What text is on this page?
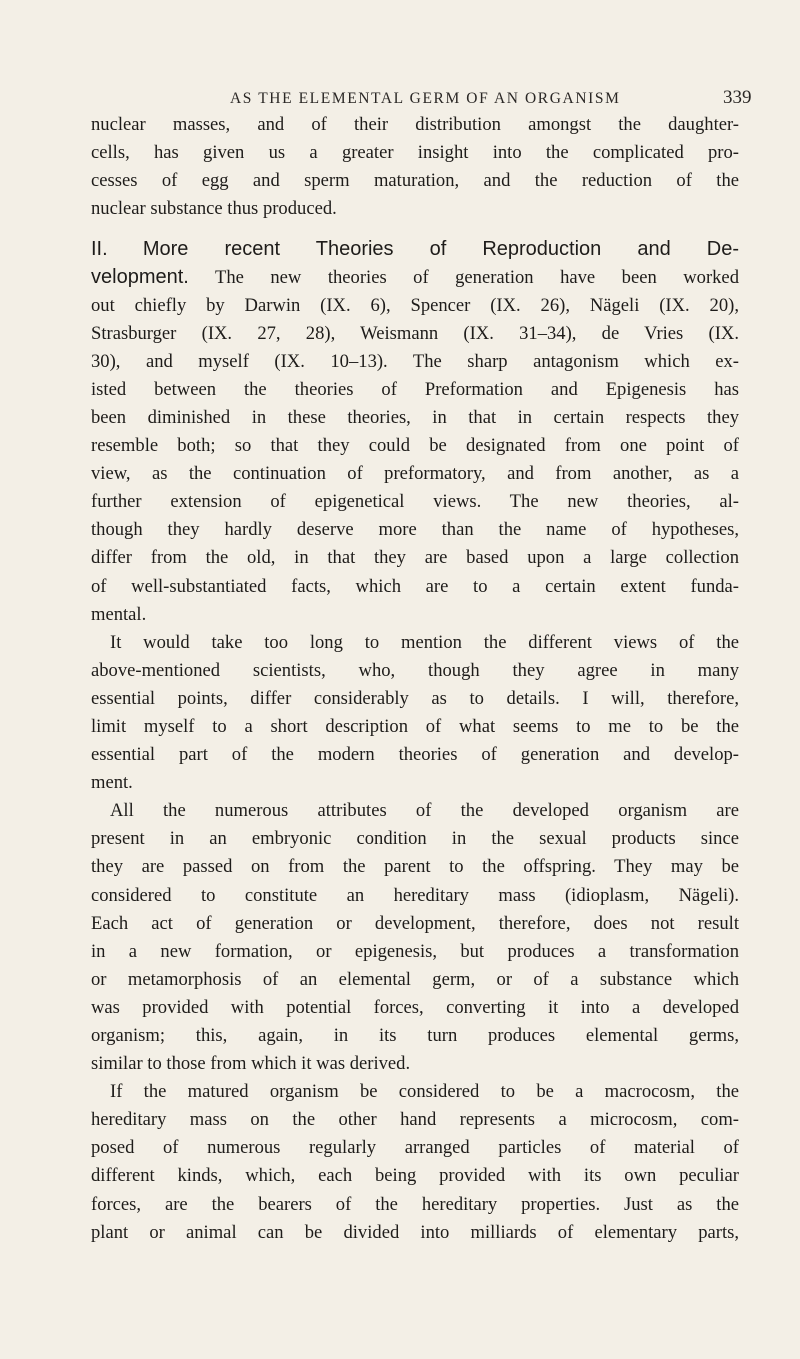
AS THE ELEMENTAL GERM OF AN ORGANISM	339
nuclear masses, and of their distribution amongst the daughter-
cells, has given us a greater insight into the complicated pro-
cesses of egg and sperm maturation, and the reduction of the
nuclear substance thus produced.
II. More recent Theories of Reproduction and De-
velopment. The new theories of generation have been worked
out chiefly by Darwin (IX. 6), Spencer (IX. 26), Nägeli (IX. 20),
Strasburger (IX. 27, 28), Weismann (IX. 31–34), de Vries (IX.
30), and myself (IX. 10–13). The sharp antagonism which ex-
isted between the theories of Preformation and Epigenesis has
been diminished in these theories, in that in certain respects they
resemble both; so that they could be designated from one point of
view, as the continuation of preformatory, and from another, as a
further extension of epigenetical views. The new theories, al-
though they hardly deserve more than the name of hypotheses,
differ from the old, in that they are based upon a large collection
of well-substantiated facts, which are to a certain extent funda-
mental.
It would take too long to mention the different views of the
above-mentioned scientists, who, though they agree in many
essential points, differ considerably as to details. I will, therefore,
limit myself to a short description of what seems to me to be the
essential part of the modern theories of generation and develop-
ment.
All the numerous attributes of the developed organism are
present in an embryonic condition in the sexual products since
they are passed on from the parent to the offspring. They may be
considered to constitute an hereditary mass (idioplasm, Nägeli).
Each act of generation or development, therefore, does not result
in a new formation, or epigenesis, but produces a transformation
or metamorphosis of an elemental germ, or of a substance which
was provided with potential forces, converting it into a developed
organism; this, again, in its turn produces elemental germs,
similar to those from which it was derived.
If the matured organism be considered to be a macrocosm, the
hereditary mass on the other hand represents a microcosm, com-
posed of numerous regularly arranged particles of material of
different kinds, which, each being provided with its own peculiar
forces, are the bearers of the hereditary properties. Just as the
plant or animal can be divided into milliards of elementary parts,
